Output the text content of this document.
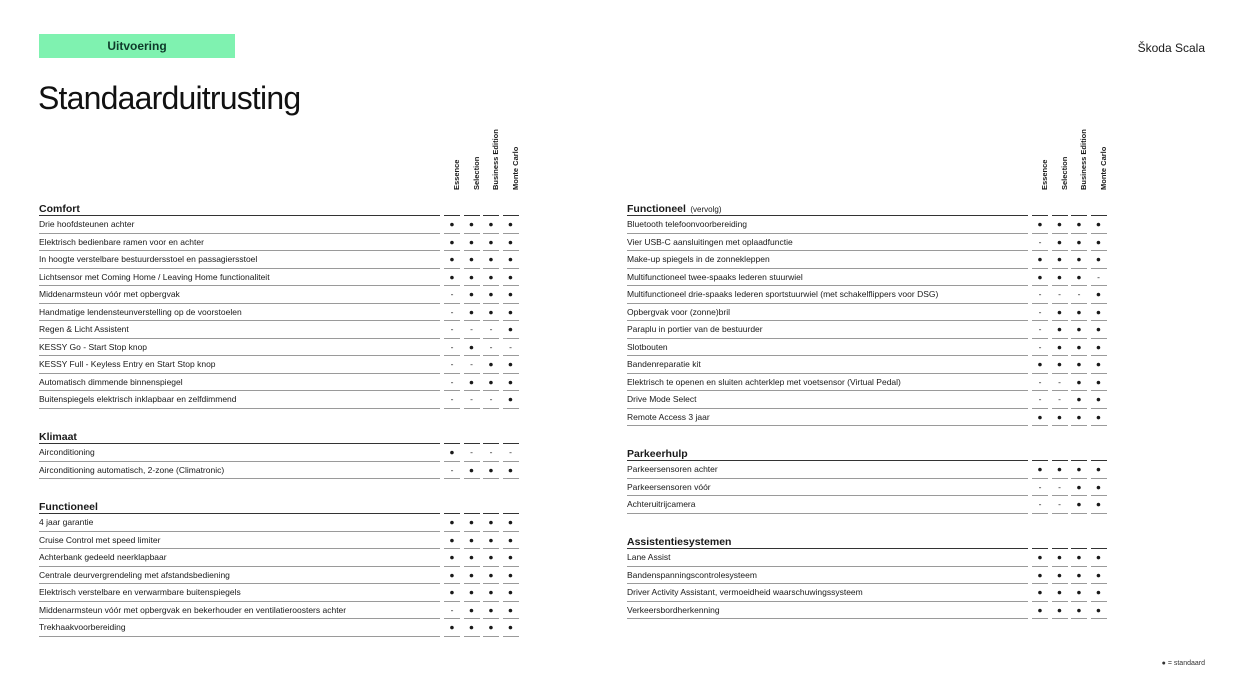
Uitvoering	Škoda Scala
Standaarduitrusting
Essence Selection Business Edition Monte Carlo
Comfort
Drie hoofdsteunen achter	●	●	●	●
Elektrisch bedienbare ramen voor en achter	●	●	●	●
In hoogte verstelbare bestuurdersstoel en passagiersstoel	●	●	●	●
Lichtsensor met Coming Home / Leaving Home functionaliteit	●	●	●	●
Middenarmsteun vóór met opbergvak	-	●	●	●
Handmatige lendensteunverstelling op de voorstoelen	-	●	●	●
Regen & Licht Assistent	-	-	-	●
KESSY Go - Start Stop knop	-	●	-	-
KESSY Full - Keyless Entry en Start Stop knop	-	-	●	●
Automatisch dimmende binnenspiegel	-	●	●	●
Buitenspiegels elektrisch inklapbaar en zelfdimmend	-	-	-	●
Klimaat
Airconditioning	●	-	-	-
Airconditioning automatisch, 2-zone (Climatronic)	-	●	●	●
Functioneel
4 jaar garantie	●	●	●	●
Cruise Control met speed limiter	●	●	●	●
Achterbank gedeeld neerklapbaar	●	●	●	●
Centrale deurvergrendeling met afstandsbediening	●	●	●	●
Elektrisch verstelbare en verwarmbare buitenspiegels	●	●	●	●
Middenarmsteun vóór met opbergvak en bekerhouder en ventilatieroosters achter	-	●	●	●
Trekhaakvoorbereiding	●	●	●	●
Essence Selection Business Edition Monte Carlo
Functioneel (vervolg)
Bluetooth telefoonvoorbereiding	●	●	●	●
Vier USB-C aansluitingen met oplaadfunctie	-	●	●	●
Make-up spiegels in de zonnekleppen	●	●	●	●
Multifunctioneel twee-spaaks lederen stuurwiel	●	●	●	-
Multifunctioneel drie-spaaks lederen sportstuurwiel (met schakelflippers voor DSG)	-	-	-	●
Opbergvak voor (zonne)bril	-	●	●	●
Paraplu in portier van de bestuurder	-	●	●	●
Slotbouten	-	●	●	●
Bandenreparatie kit	●	●	●	●
Elektrisch te openen en sluiten achterklep met voetsensor (Virtual Pedal)	-	-	●	●
Drive Mode Select	-	-	●	●
Remote Access 3 jaar	●	●	●	●
Parkeerhulp
Parkeersensoren achter	●	●	●	●
Parkeersensoren vóór	-	-	●	●
Achteruitrijcamera	-	-	●	●
Assistentiesystemen
Lane Assist	●	●	●	●
Bandenspanningscontrolesysteem	●	●	●	●
Driver Activity Assistant, vermoeidheid waarschuwingssysteem	●	●	●	●
Verkeersbordherkenning	●	●	●	●
● = standaard
